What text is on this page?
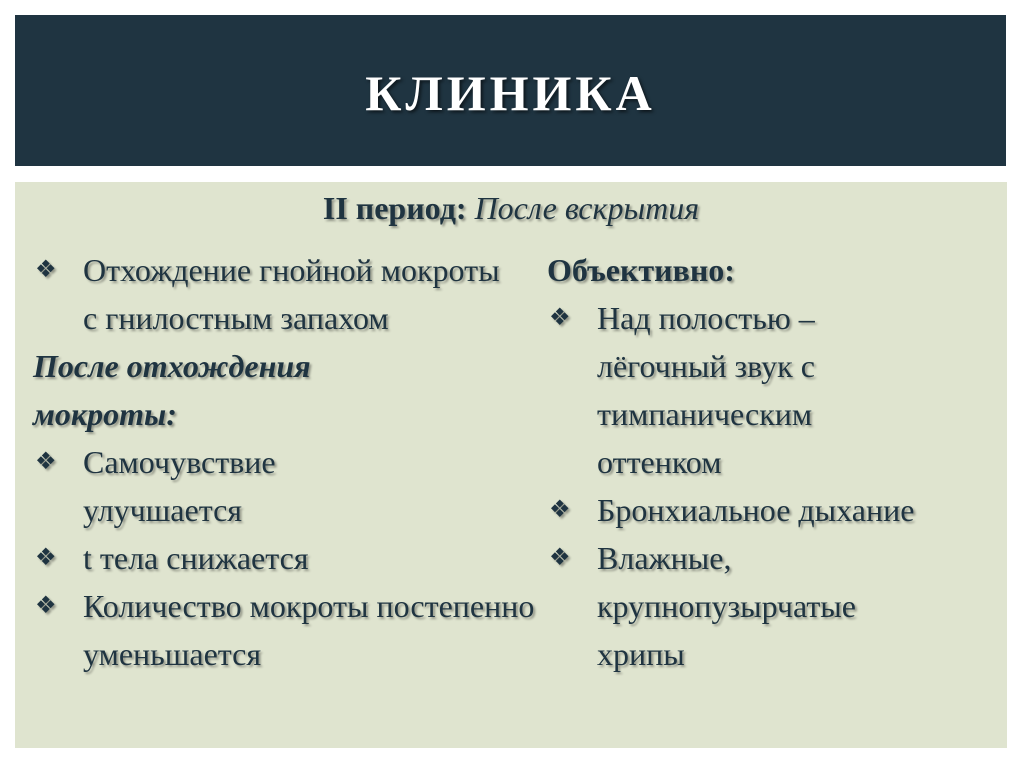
КЛИНИКА
II период: После вскрытия
❖ Отхождение гнойной мокроты с гнилостным запахом
После отхождения мокроты:
❖ Самочувствие улучшается
❖ t тела снижается
❖ Количество мокроты постепенно уменьшается
Объективно:
❖ Над полостью – лёгочный звук с тимпаническим оттенком
❖ Бронхиальное дыхание
❖ Влажные, крупнопузырчатые хрипы
